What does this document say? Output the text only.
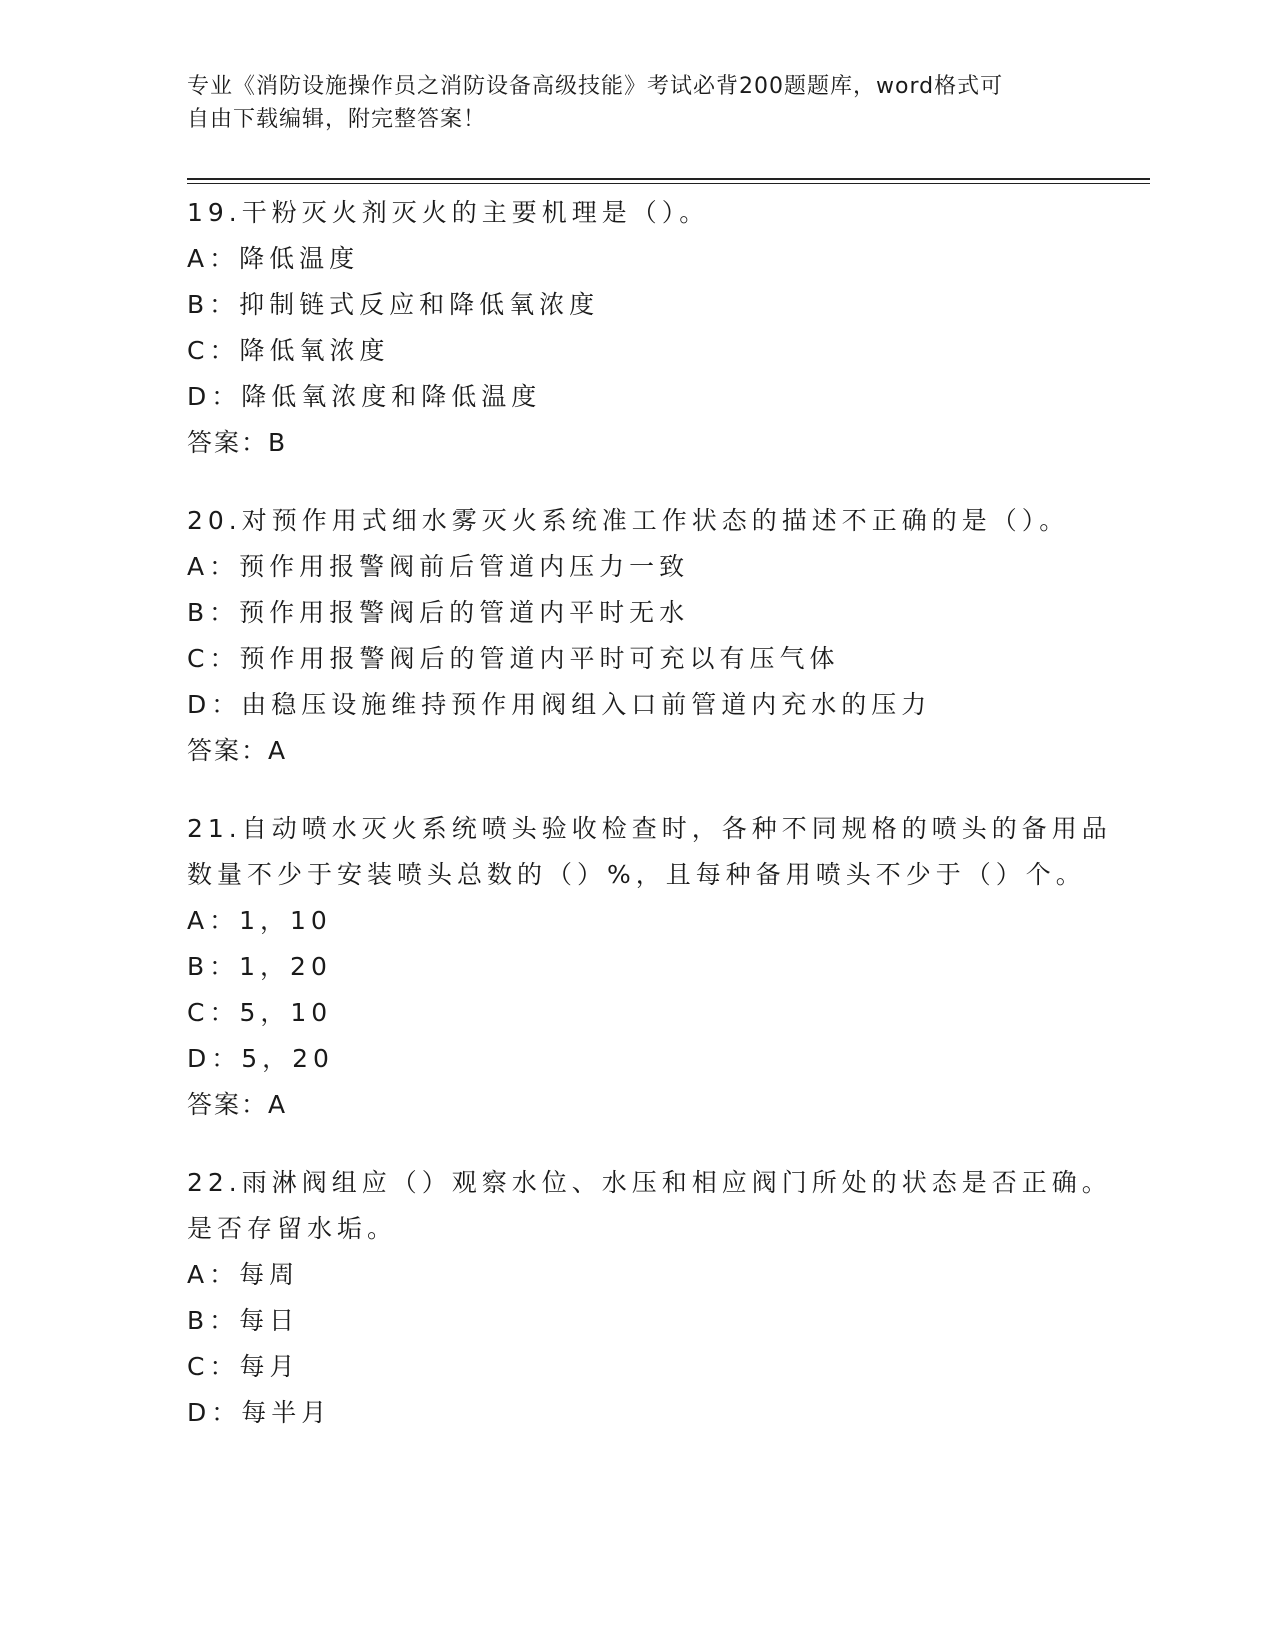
专业《消防设施操作员之消防设备高级技能》考试必背200题题库，word格式可
自由下载编辑，附完整答案！
19.干粉灭火剂灭火的主要机理是（）。
A：降低温度
B：抑制链式反应和降低氧浓度
C：降低氧浓度
D：降低氧浓度和降低温度
答案：B
20.对预作用式细水雾灭火系统准工作状态的描述不正确的是（）。
A：预作用报警阀前后管道内压力一致
B：预作用报警阀后的管道内平时无水
C：预作用报警阀后的管道内平时可充以有压气体
D：由稳压设施维持预作用阀组入口前管道内充水的压力
答案：A
21.自动喷水灭火系统喷头验收检查时，各种不同规格的喷头的备用品
数量不少于安装喷头总数的（）%，且每种备用喷头不少于（）个。
A：1，10
B：1，20
C：5，10
D：5，20
答案：A
22.雨淋阀组应（）观察水位、水压和相应阀门所处的状态是否正确。
是否存留水垢。
A：每周
B：每日
C：每月
D：每半月
